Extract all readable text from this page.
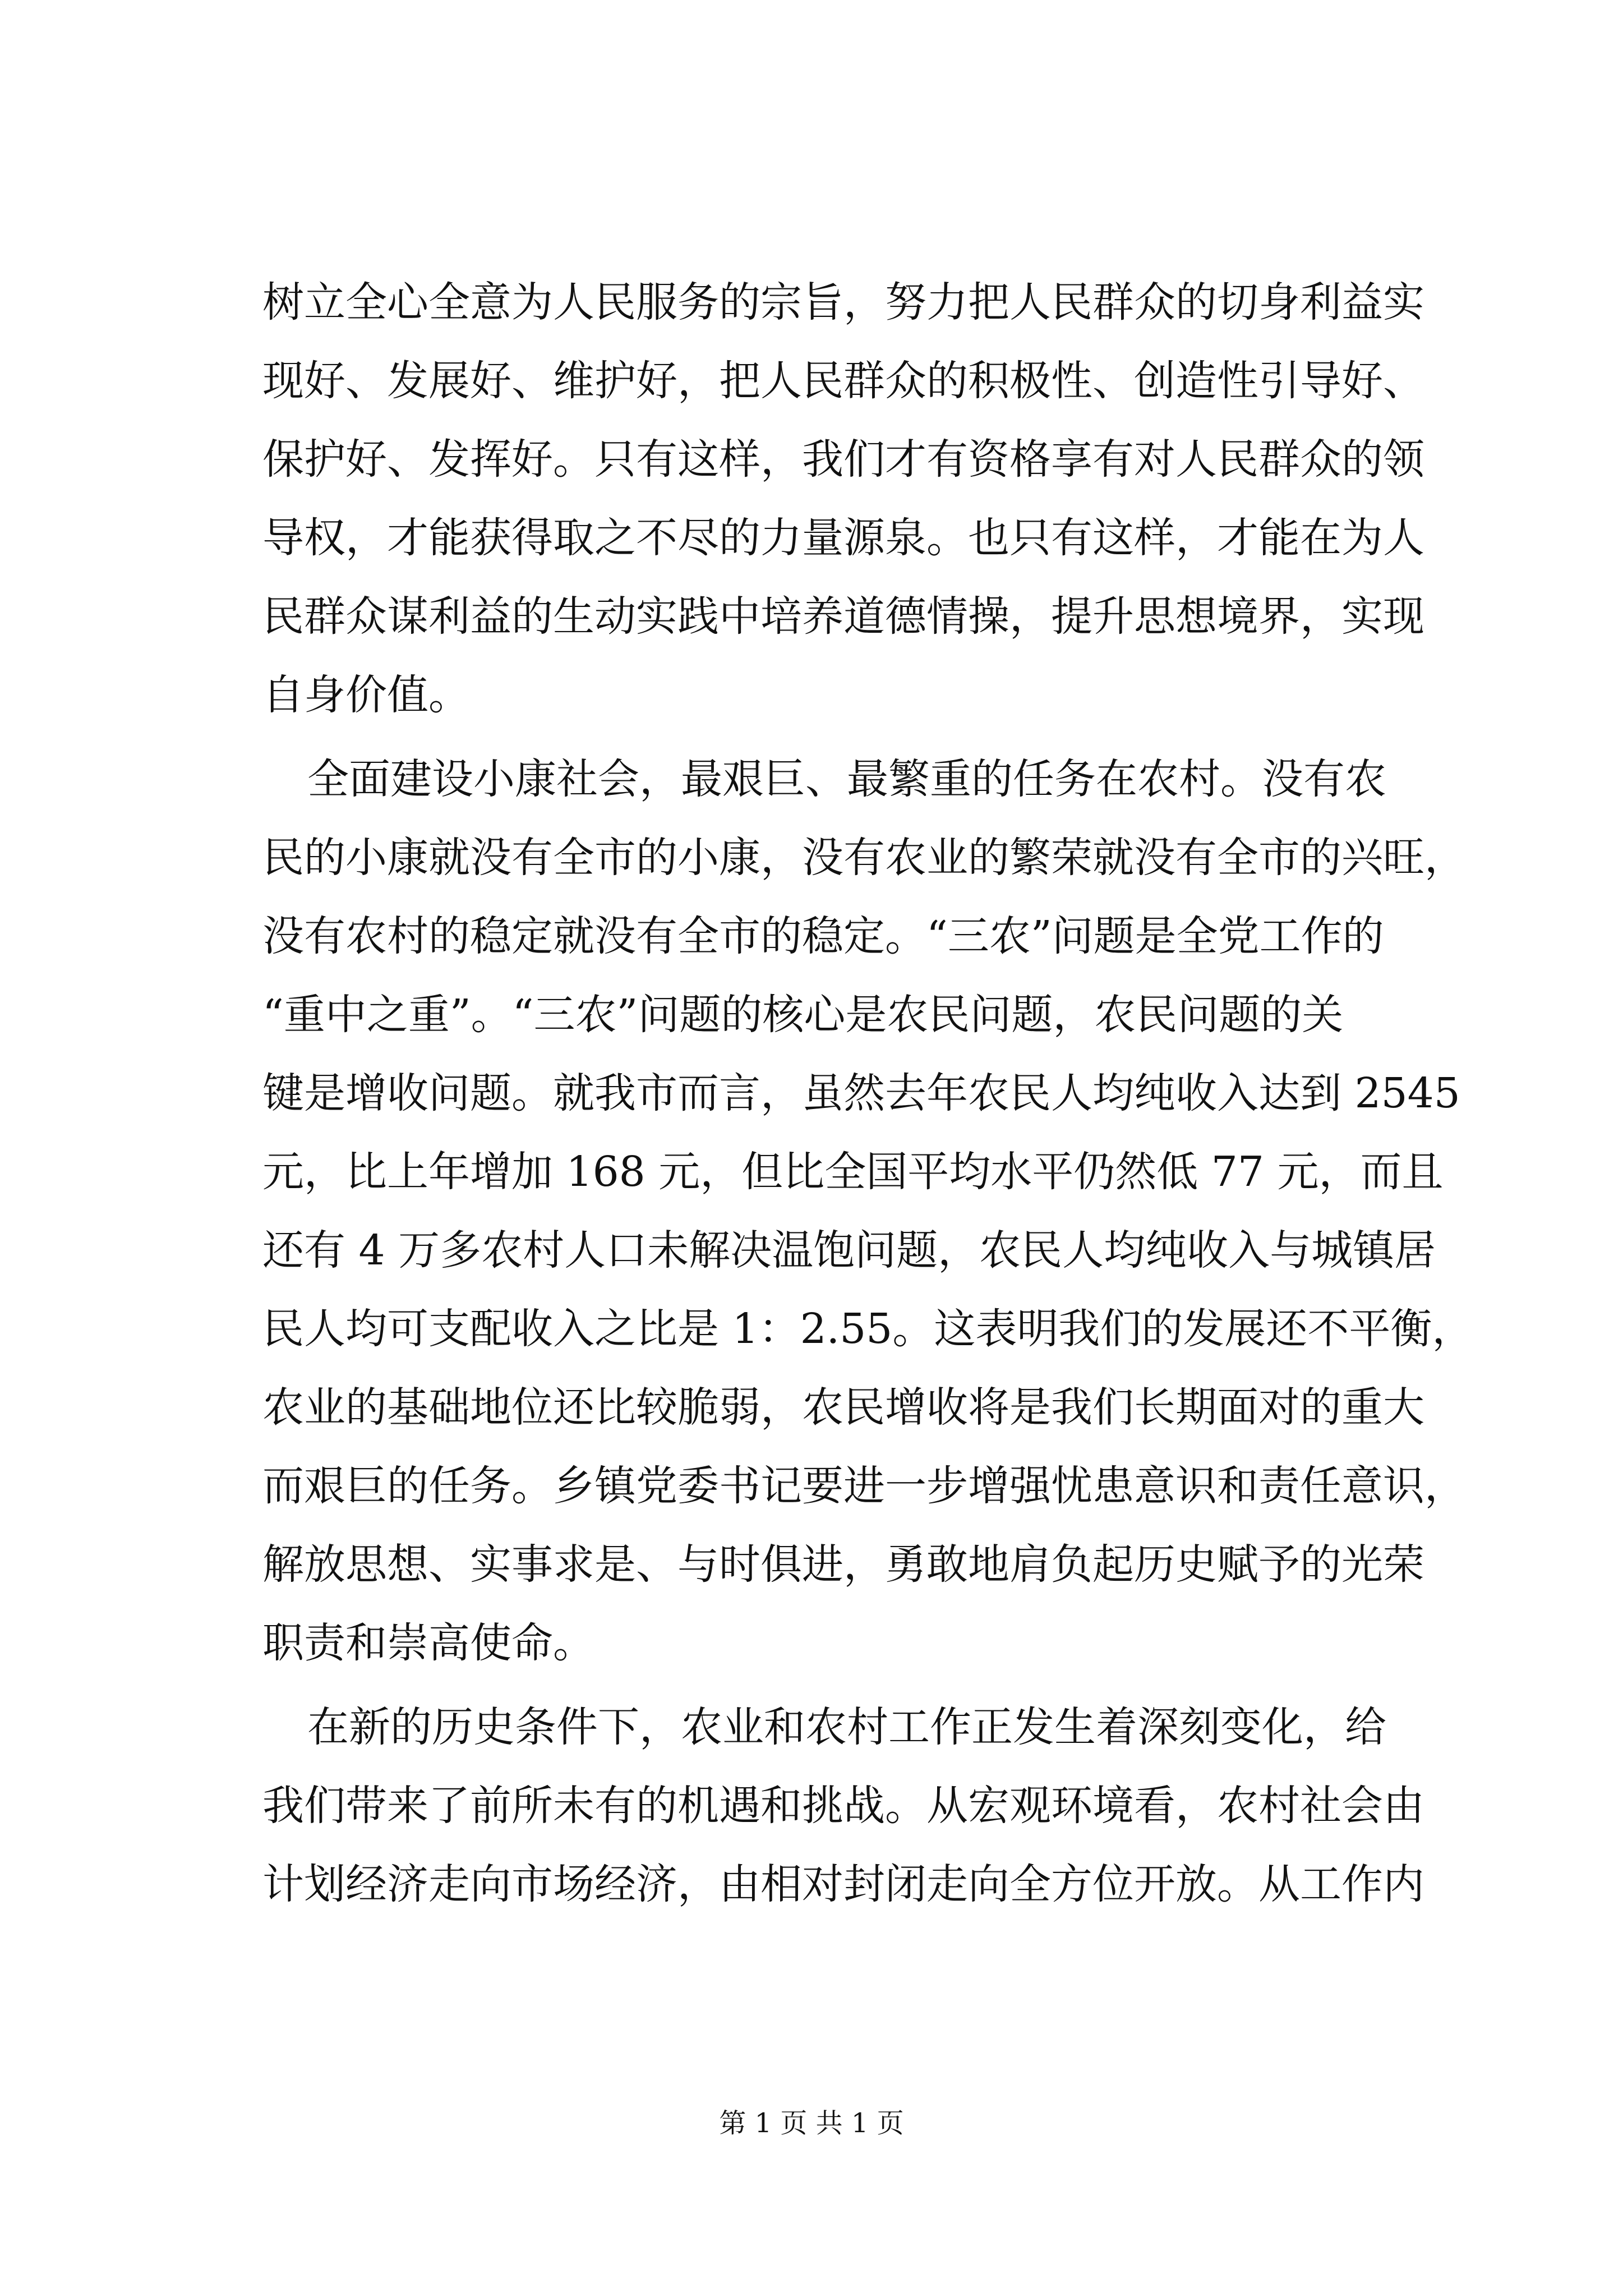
树立全心全意为人民服务的宗旨，努力把人民群众的切身利益实
现好、发展好、维护好，把人民群众的积极性、创造性引导好、
保护好、发挥好。只有这样，我们才有资格享有对人民群众的领
导权，才能获得取之不尽的力量源泉。也只有这样，才能在为人
民群众谋利益的生动实践中培养道德情操，提升思想境界，实现
自身价值。
全面建设小康社会，最艰巨、最繁重的任务在农村。没有农
民的小康就没有全市的小康，没有农业的繁荣就没有全市的兴旺，
没有农村的稳定就没有全市的稳定。“三农”问题是全党工作的
“重中之重”。“三农”问题的核心是农民问题，农民问题的关
键是增收问题。就我市而言，虽然去年农民人均纯收入达到 2545
元，比上年增加 168 元，但比全国平均水平仍然低 77 元，而且
还有 4 万多农村人口未解决温饱问题，农民人均纯收入与城镇居
民人均可支配收入之比是 1：2.55。这表明我们的发展还不平衡，
农业的基础地位还比较脆弱，农民增收将是我们长期面对的重大
而艰巨的任务。乡镇党委书记要进一步增强忧患意识和责任意识，
解放思想、实事求是、与时俱进，勇敢地肩负起历史赋予的光荣
职责和崇高使命。
在新的历史条件下，农业和农村工作正发生着深刻变化，给
我们带来了前所未有的机遇和挑战。从宏观环境看，农村社会由
计划经济走向市场经济，由相对封闭走向全方位开放。从工作内
第 1 页 共 1 页
